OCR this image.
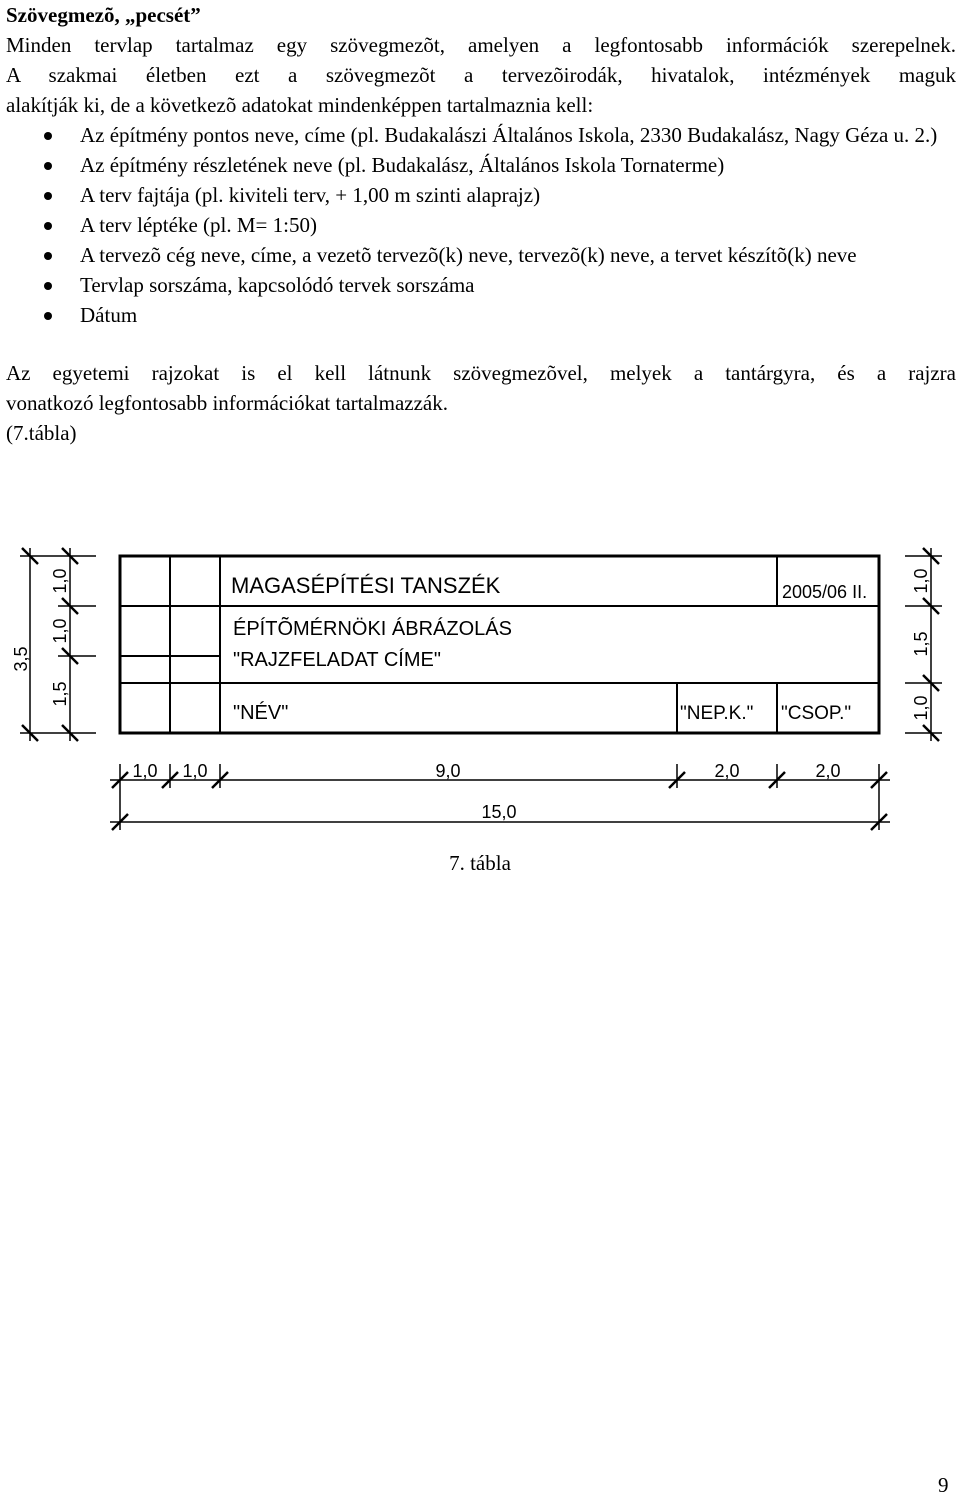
Szövegmezõ, „pecsét”

Minden tervlap tartalmaz egy szövegmezõt, amelyen a legfontosabb információk szerepelnek.

A szakmai életben ezt a szövegmezõt a tervezõirodák, hivatalok, intézmények maguk

alakítják ki, de a következõ adatokat mindenképpen tartalmaznia kell:

Az építmény pontos neve, címe (pl. Budakalászi Általános Iskola, 2330 Budakalász, Nagy Géza u. 2.)
Az építmény részletének neve (pl. Budakalász, Általános Iskola Tornaterme)
A terv fajtája (pl. kiviteli terv, + 1,00 m szinti alaprajz)
A terv léptéke (pl. M= 1:50)
A tervezõ cég neve, címe, a vezetõ tervezõ(k) neve, tervezõ(k) neve, a tervet készítõ(k) neve
Tervlap sorszáma, kapcsolódó tervek sorszáma
Dátum

Az egyetemi rajzokat is el kell látnunk szövegmezõvel, melyek a tantárgyra, és a rajzra

vonatkozó legfontosabb információkat tartalmazzák.

(7.tábla)

MAGASÉPÍTÉSI TANSZÉK	2005/06 II.
ÉPÍTÕMÉRNÖKI ÁBRÁZOLÁS
"RAJZFELADAT CÍME"
"NÉV"	"NEP.K." "CSOP."
3,5
1,0
1,0
1,5
1,0
1,5
1,0
1,0 1,0	9,0	2,0	2,0
15,0
7. tábla
9
